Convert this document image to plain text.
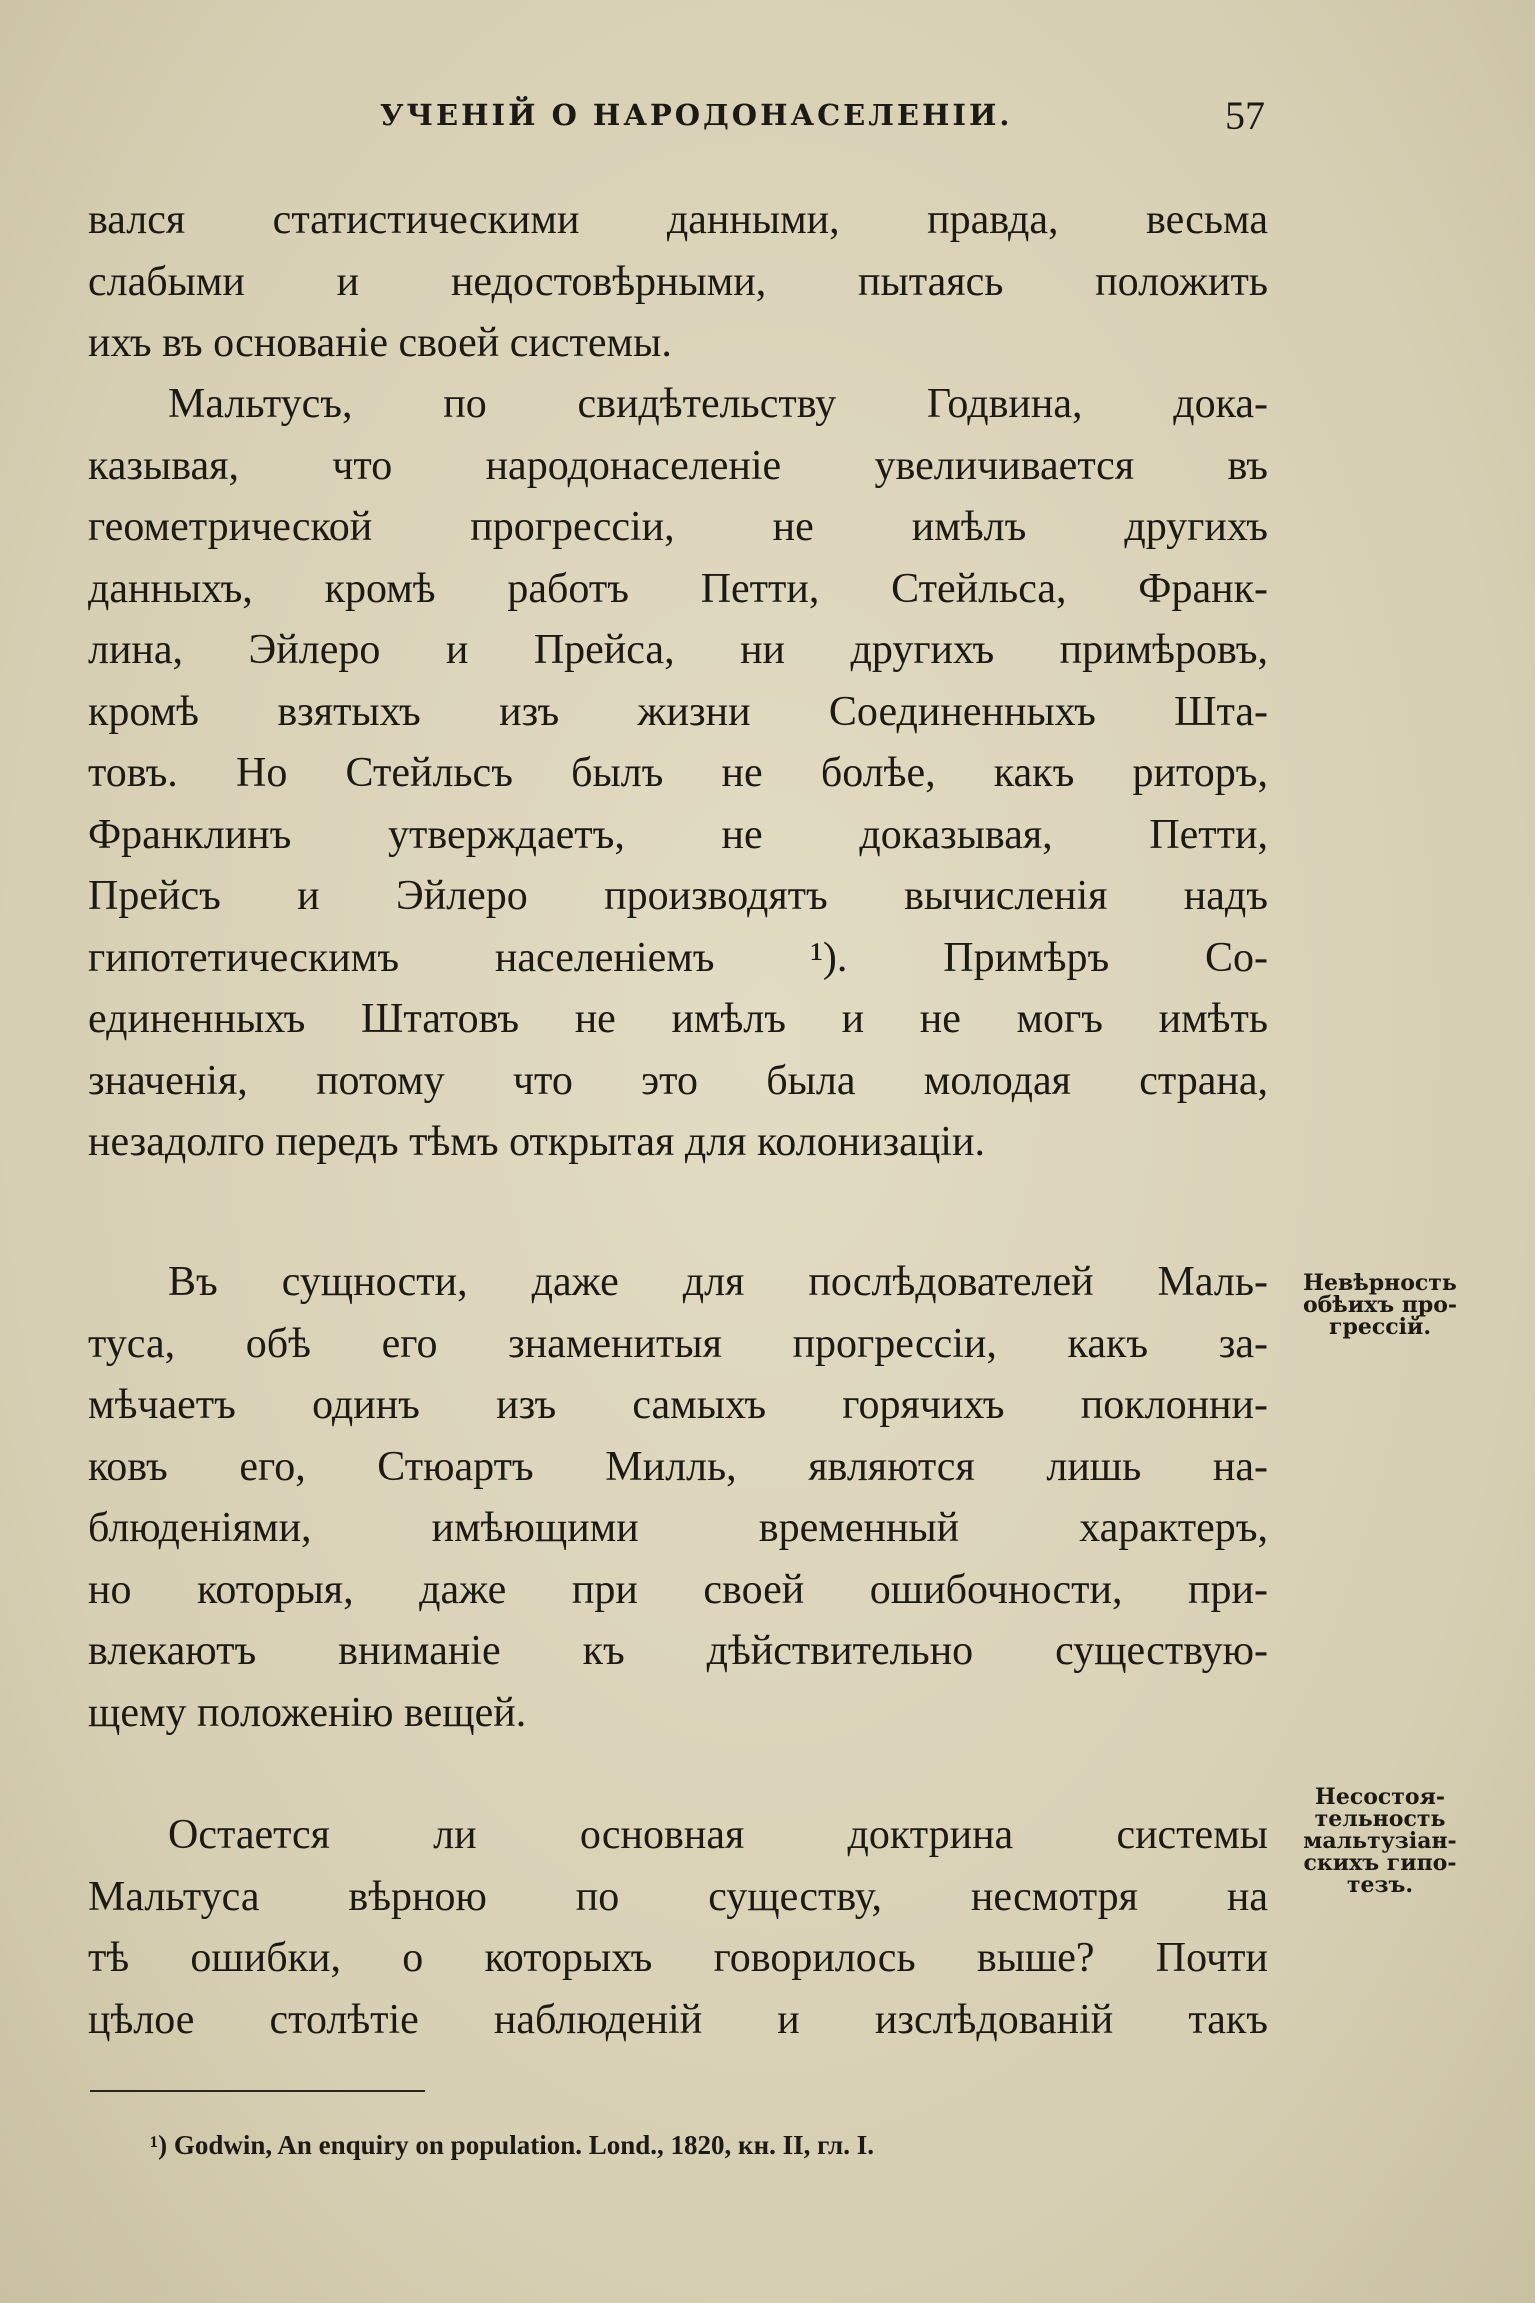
УЧЕНІЙ О НАРОДОНАСЕЛЕНІИ.	57
вался статистическими данными, правда, весьма
слабыми и недостовѣрными, пытаясь положить
ихъ въ основаніе своей системы.
Мальтусъ, по свидѣтельству Годвина, дока-
казывая, что народонаселеніе увеличивается въ
геометрической прогрессіи, не имѣлъ другихъ
данныхъ, кромѣ работъ Петти, Стейльса, Франк-
лина, Эйлеро и Прейса, ни другихъ примѣровъ,
кромѣ взятыхъ изъ жизни Соединенныхъ Шта-
товъ. Но Стейльсъ былъ не болѣе, какъ риторъ,
Франклинъ утверждаетъ, не доказывая, Петти,
Прейсъ и Эйлеро производятъ вычисленія надъ
гипотетическимъ населеніемъ ¹). Примѣръ Со-
единенныхъ Штатовъ не имѣлъ и не могъ имѣть
значенія, потому что это была молодая страна,
незадолго передъ тѣмъ открытая для колонизаціи.
Въ сущности, даже для послѣдователей Маль-
туса, обѣ его знаменитыя прогрессіи, какъ за-
мѣчаетъ одинъ изъ самыхъ горячихъ поклонни-
ковъ его, Стюартъ Милль, являются лишь на-
блюденіями, имѣющими временный характеръ,
но которыя, даже при своей ошибочности, при-
влекаютъ вниманіе къ дѣйствительно существую-
щему положенію вещей.
Остается ли основная доктрина системы
Мальтуса вѣрною по существу, несмотря на
тѣ ошибки, о которыхъ говорилось выше? Почти
цѣлое столѣтіе наблюденій и изслѣдованій такъ
Невѣрность
обѣихъ про-
грессій.
Несостоя-
тельность
мальтузіан-
скихъ гипо-
тезъ.
¹) Godwin, An enquiry on population. Lond., 1820, кн. II, гл. I.
